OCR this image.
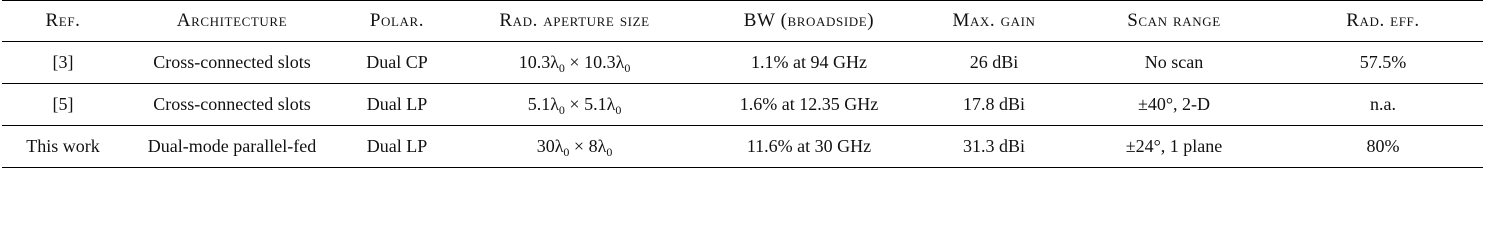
Ref.	Architecture	Polar.	Rad. aperture size	BW (broadside)	Max. gain	Scan range	Rad. eff.
[3]	Cross-connected slots	Dual CP	$10.3\lambda_0 \times 10.3\lambda_0$	1.1% at 94 GHz	26 dBi	No scan	57.5%
[5]	Cross-connected slots	Dual LP	$5.1\lambda_0 \times 5.1\lambda_0$	1.6% at 12.35 GHz	17.8 dBi	±40°, 2-D	n.a.
This work	Dual-mode parallel-fed	Dual LP	$30\lambda_0 \times 8\lambda_0$	11.6% at 30 GHz	31.3 dBi	±24°, 1 plane	80%
